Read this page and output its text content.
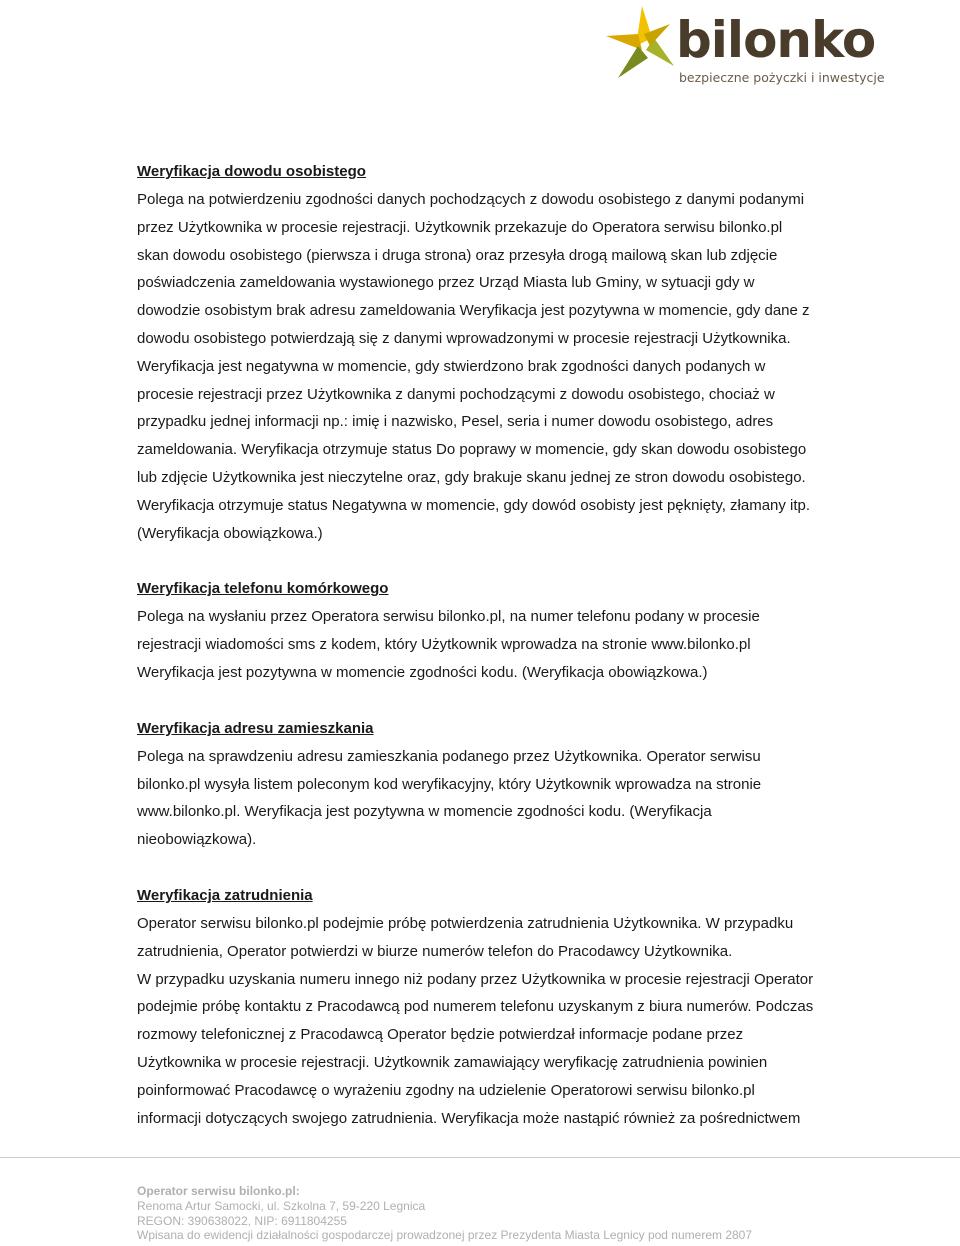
bilonko
bezpieczne pożyczki i inwestycje
Weryfikacja dowodu osobistego

Polega na potwierdzeniu zgodności danych pochodzących z dowodu osobistego z danymi podanymi

przez Użytkownika w procesie rejestracji. Użytkownik przekazuje do Operatora serwisu bilonko.pl

skan dowodu osobistego (pierwsza i druga strona) oraz przesyła drogą mailową skan lub zdjęcie

poświadczenia zameldowania wystawionego przez Urząd Miasta lub Gminy, w sytuacji gdy w

dowodzie osobistym brak adresu zameldowania Weryfikacja jest pozytywna w momencie, gdy dane z

dowodu osobistego potwierdzają się z danymi wprowadzonymi w procesie rejestracji Użytkownika.

Weryfikacja jest negatywna w momencie, gdy stwierdzono brak zgodności danych podanych w

procesie rejestracji przez Użytkownika z danymi pochodzącymi z dowodu osobistego, chociaż w

przypadku jednej informacji np.: imię i nazwisko, Pesel, seria i numer dowodu osobistego, adres

zameldowania. Weryfikacja otrzymuje status Do poprawy w momencie, gdy skan dowodu osobistego

lub zdjęcie Użytkownika jest nieczytelne oraz, gdy brakuje skanu jednej ze stron dowodu osobistego.

Weryfikacja otrzymuje status Negatywna w momencie, gdy dowód osobisty jest pęknięty, złamany itp.

(Weryfikacja obowiązkowa.)

Weryfikacja telefonu komórkowego

Polega na wysłaniu przez Operatora serwisu bilonko.pl, na numer telefonu podany w procesie

rejestracji wiadomości sms z kodem, który Użytkownik wprowadza na stronie www.bilonko.pl

Weryfikacja jest pozytywna w momencie zgodności kodu. (Weryfikacja obowiązkowa.)

Weryfikacja adresu zamieszkania

Polega na sprawdzeniu adresu zamieszkania podanego przez Użytkownika. Operator serwisu

bilonko.pl wysyła listem poleconym kod weryfikacyjny, który Użytkownik wprowadza na stronie

www.bilonko.pl. Weryfikacja jest pozytywna w momencie zgodności kodu. (Weryfikacja

nieobowiązkowa).

Weryfikacja zatrudnienia

Operator serwisu bilonko.pl podejmie próbę potwierdzenia zatrudnienia Użytkownika. W przypadku

zatrudnienia, Operator potwierdzi w biurze numerów telefon do Pracodawcy Użytkownika.

W przypadku uzyskania numeru innego niż podany przez Użytkownika w procesie rejestracji Operator

podejmie próbę kontaktu z Pracodawcą pod numerem telefonu uzyskanym z biura numerów. Podczas

rozmowy telefonicznej z Pracodawcą Operator będzie potwierdzał informacje podane przez

Użytkownika w procesie rejestracji. Użytkownik zamawiający weryfikację zatrudnienia powinien

poinformować Pracodawcę o wyrażeniu zgodny na udzielenie Operatorowi serwisu bilonko.pl

informacji dotyczących swojego zatrudnienia. Weryfikacja może nastąpić również za pośrednictwem

Operator serwisu bilonko.pl:
Renoma Artur Samocki, ul. Szkolna 7, 59-220 Legnica
REGON: 390638022, NIP: 6911804255
Wpisana do ewidencji działalności gospodarczej prowadzonej przez Prezydenta Miasta Legnicy pod numerem 2807
